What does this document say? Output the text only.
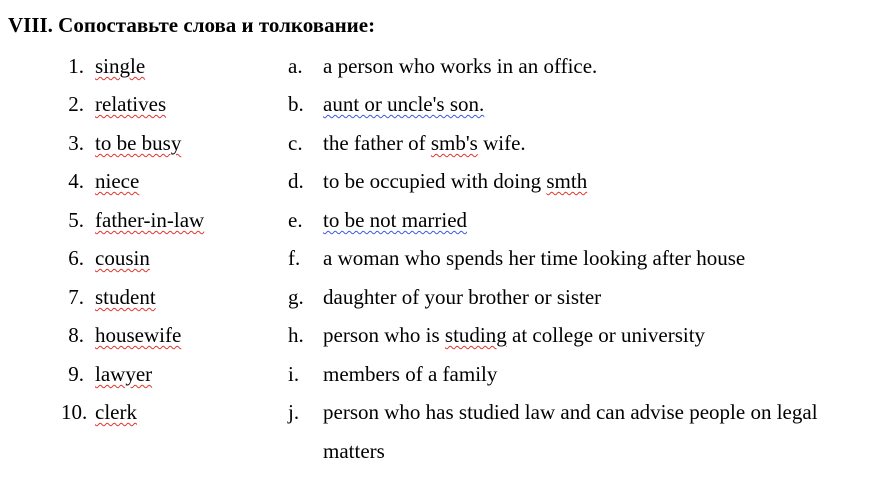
VIII. Сопоставьте слова и толкование:
1. single	a. a person who works in an office.
2. relatives	b. aunt or uncle's son.
3. to be busy	c. the father of smb's wife.
4. niece	d. to be occupied with doing smth
5. father-in-law	e. to be not married
6. cousin	f. a woman who spends her time looking after house
7. student	g. daughter of your brother or sister
8. housewife	h. person who is studing at college or university
9. lawyer	i. members of a family
10. clerk	j. person who has studied law and can advise people on legal
matters
